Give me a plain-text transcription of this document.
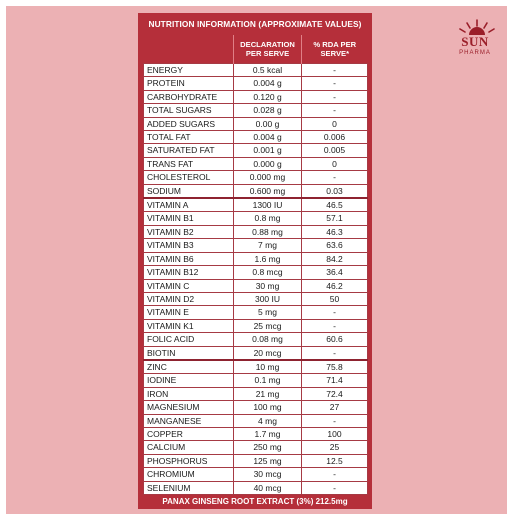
NUTRITION INFORMATION (APPROXIMATE VALUES)
	DECLARATION PER SERVE	% RDA PER SERVE*
ENERGY	0.5 kcal	-
PROTEIN	0.004 g	-
CARBOHYDRATE	0.120 g	-
TOTAL SUGARS	0.028 g	-
ADDED SUGARS	0.00 g	0
TOTAL FAT	0.004 g	0.006
SATURATED FAT	0.001 g	0.005
TRANS FAT	0.000 g	0
CHOLESTEROL	0.000 mg	-
SODIUM	0.600 mg	0.03
VITAMIN A	1300 IU	46.5
VITAMIN B1	0.8 mg	57.1
VITAMIN B2	0.88 mg	46.3
VITAMIN B3	7 mg	63.6
VITAMIN B6	1.6 mg	84.2
VITAMIN B12	0.8 mcg	36.4
VITAMIN C	30 mg	46.2
VITAMIN D2	300 IU	50
VITAMIN E	5 mg	-
VITAMIN K1	25 mcg	-
FOLIC ACID	0.08 mg	60.6
BIOTIN	20 mcg	-
ZINC	10 mg	75.8
IODINE	0.1 mg	71.4
IRON	21 mg	72.4
MAGNESIUM	100 mg	27
MANGANESE	4 mg	-
COPPER	1.7 mg	100
CALCIUM	250 mg	25
PHOSPHORUS	125 mg	12.5
CHROMIUM	30 mcg	-
SELENIUM	40 mcg	-
PANAX GINSENG ROOT EXTRACT (3%) 212.5mg
SUN
PHARMA
